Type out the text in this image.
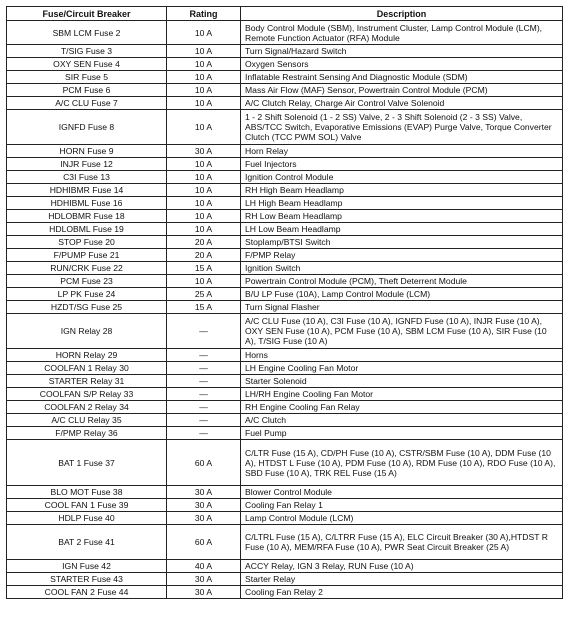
Fuse/Circuit Breaker	Rating	Description
SBM LCM Fuse 2	10 A	Body Control Module (SBM), Instrument Cluster, Lamp Control Module (LCM), Remote Function Actuator (RFA) Module
T/SIG Fuse 3	10 A	Turn Signal/Hazard Switch
OXY SEN Fuse 4	10 A	Oxygen Sensors
SIR Fuse 5	10 A	Inflatable Restraint Sensing And Diagnostic Module (SDM)
PCM Fuse 6	10 A	Mass Air Flow (MAF) Sensor, Powertrain Control Module (PCM)
A/C CLU Fuse 7	10 A	A/C Clutch Relay, Charge Air Control Valve Solenoid
IGNFD Fuse 8	10 A	1 - 2 Shift Solenoid (1 - 2 SS) Valve, 2 - 3 Shift Solenoid (2 - 3 SS) Valve, ABS/TCC Switch, Evaporative Emissions (EVAP) Purge Valve, Torque Converter Clutch (TCC PWM SOL) Valve
HORN Fuse 9	30 A	Horn Relay
INJR Fuse 12	10 A	Fuel Injectors
C3I Fuse 13	10 A	Ignition Control Module
HDHIBMR Fuse 14	10 A	RH High Beam Headlamp
HDHIBML Fuse 16	10 A	LH High Beam Headlamp
HDLOBMR Fuse 18	10 A	RH Low Beam Headlamp
HDLOBML Fuse 19	10 A	LH Low Beam Headlamp
STOP Fuse 20	20 A	Stoplamp/BTSI Switch
F/PUMP Fuse 21	20 A	F/PMP Relay
RUN/CRK Fuse 22	15 A	Ignition Switch
PCM Fuse 23	10 A	Powertrain Control Module (PCM), Theft Deterrent Module
LP PK Fuse 24	25 A	B/U LP Fuse (10A), Lamp Control Module (LCM)
HZDT/SG Fuse 25	15 A	Turn Signal Flasher
IGN Relay 28	—	A/C CLU Fuse (10 A), C3I Fuse (10 A), IGNFD Fuse (10 A), INJR Fuse (10 A), OXY SEN Fuse (10 A), PCM Fuse (10 A), SBM LCM Fuse (10 A), SIR Fuse (10 A), T/SIG Fuse (10 A)
HORN Relay 29	—	Horns
COOLFAN 1 Relay 30	—	LH Engine Cooling Fan Motor
STARTER Relay 31	—	Starter Solenoid
COOLFAN S/P Relay 33	—	LH/RH Engine Cooling Fan Motor
COOLFAN 2 Relay 34	—	RH Engine Cooling Fan Relay
A/C CLU Relay 35	—	A/C Clutch
F/PMP Relay 36	—	Fuel Pump
BAT 1 Fuse 37	60 A	C/LTR Fuse (15 A), CD/PH Fuse (10 A), CSTR/SBM Fuse (10 A), DDM Fuse (10 A), HTDST L Fuse (10 A), PDM Fuse (10 A), RDM Fuse (10 A), RDO Fuse (10 A), SBD Fuse (10 A), TRK REL Fuse (15 A)
BLO MOT Fuse 38	30 A	Blower Control Module
COOL FAN 1 Fuse 39	30 A	Cooling Fan Relay 1
HDLP Fuse 40	30 A	Lamp Control Module (LCM)
BAT 2 Fuse 41	60 A	C/LTRL Fuse (15 A), C/LTRR Fuse (15 A), ELC Circuit Breaker (30 A),HTDST R Fuse (10 A), MEM/RFA Fuse (10 A), PWR Seat Circuit Breaker (25 A)
IGN Fuse 42	40 A	ACCY Relay, IGN 3 Relay, RUN Fuse (10 A)
STARTER Fuse 43	30 A	Starter Relay
COOL FAN 2 Fuse 44	30 A	Cooling Fan Relay 2
